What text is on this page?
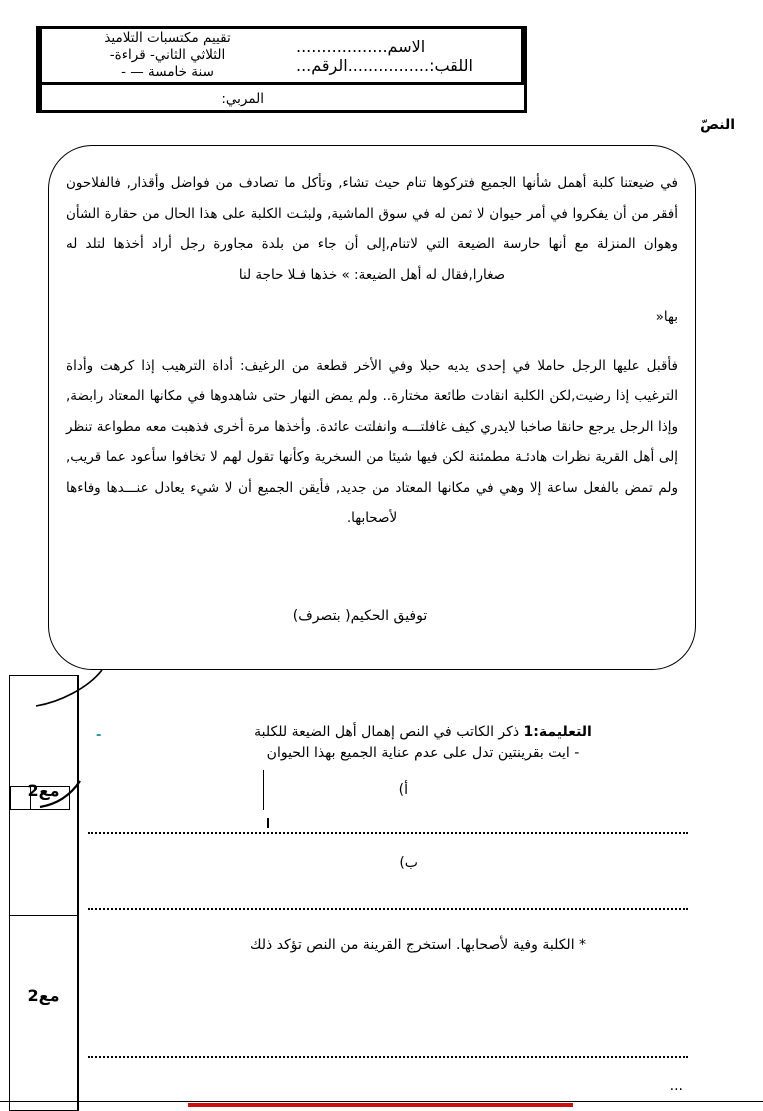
تقييم مكتسبات التلاميذ
الثلاثي الثاني- قراءة-
سنة خامسة — -
المربي:
الاسم..................
اللقب:................الرقم...
النصّ

في ضيعتنا كلبة أهمل شأنها الجميع فتركوها تنام حيث تشاء, وتأكل ما تصادف من فواضل وأقذار, فالفلاحون أفقر من أن يفكروا في أمر حيوان لا ثمن له في سوق الماشية, ولبثـت الكلبة على هذا الحال من حقارة الشأن وهوان المنزلة مع أنها حارسة الضيعة التي لاتنام,إلى أن جاء من بلدة مجاورة رجل أراد أخذها لتلد له صغارا,فقال له أهل الضيعة: » خذها فـلا حاجة لنا

بها«

فأقبل عليها الرجل حاملا في إحدى يديه حبلا وفي الأخر قطعة من الرغيف: أداة الترهيب إذا كرهت وأداة الترغيب إذا رضيت,لكن الكلبة انقادت طائعة مختارة.. ولم يمض النهار حتى شاهدوها في مكانها المعتاد رابضة, وإذا الرجل يرجع حانقا صاخبا لايدري كيف غافلتـــه وانفلتت عائدة. وأخذها مرة أخرى فذهبت معه مطواعة تنظر إلى أهل القرية نظرات هادئـة مطمئنة لكن فيها شيئا من السخرية وكأنها تقول لهم لا تخافوا سأعود عما قريب, ولم تمض بالفعل ساعة إلا وهي في مكانها المعتاد من جديد, فأيقن الجميع أن لا شيء يعادل عنـــدها وفاءها لأصحابها.

توفيق الحكيم( بتصرف)
مع2
مع2
-	التعليمة:1 ذكر الكاتب في النص إهمال أهل الضيعة للكلبة
- ايت بقرينتين تدل على عدم عناية الجميع بهذا الحيوان
أ)
ب)
* الكلبة وفية لأصحابها. استخرج القرينة من النص تؤكد ذلك
...
